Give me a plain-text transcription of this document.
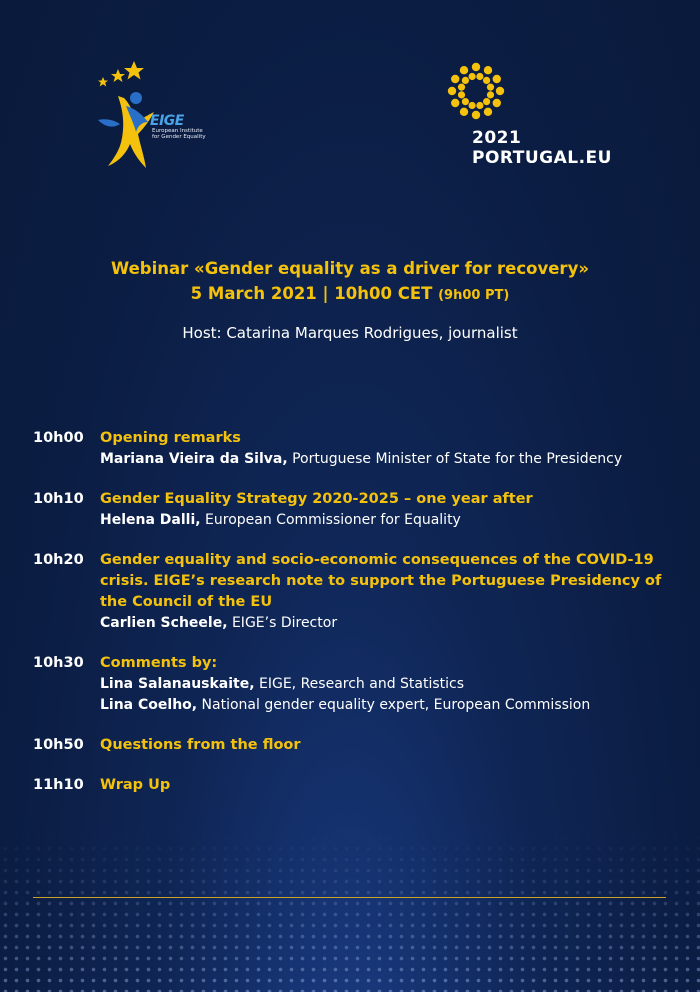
EIGE
European Institute
for Gender Equality	2021
PORTUGAL.EU
Webinar «Gender equality as a driver for recovery»
5 March 2021 | 10h00 CET (9h00 PT)
Host: Catarina Marques Rodrigues, journalist
10h00	Opening remarks
Mariana Vieira da Silva, Portuguese Minister of State for the Presidency
10h10	Gender Equality Strategy 2020-2025 – one year after
Helena Dalli, European Commissioner for Equality
10h20	Gender equality and socio-economic consequences of the COVID-19 crisis. EIGE’s research note to support the Portuguese Presidency of the Council of the EU
Carlien Scheele, EIGE’s Director
10h30	Comments by:
Lina Salanauskaite, EIGE, Research and Statistics
Lina Coelho, National gender equality expert, European Commission
10h50	Questions from the floor
11h10	Wrap Up
